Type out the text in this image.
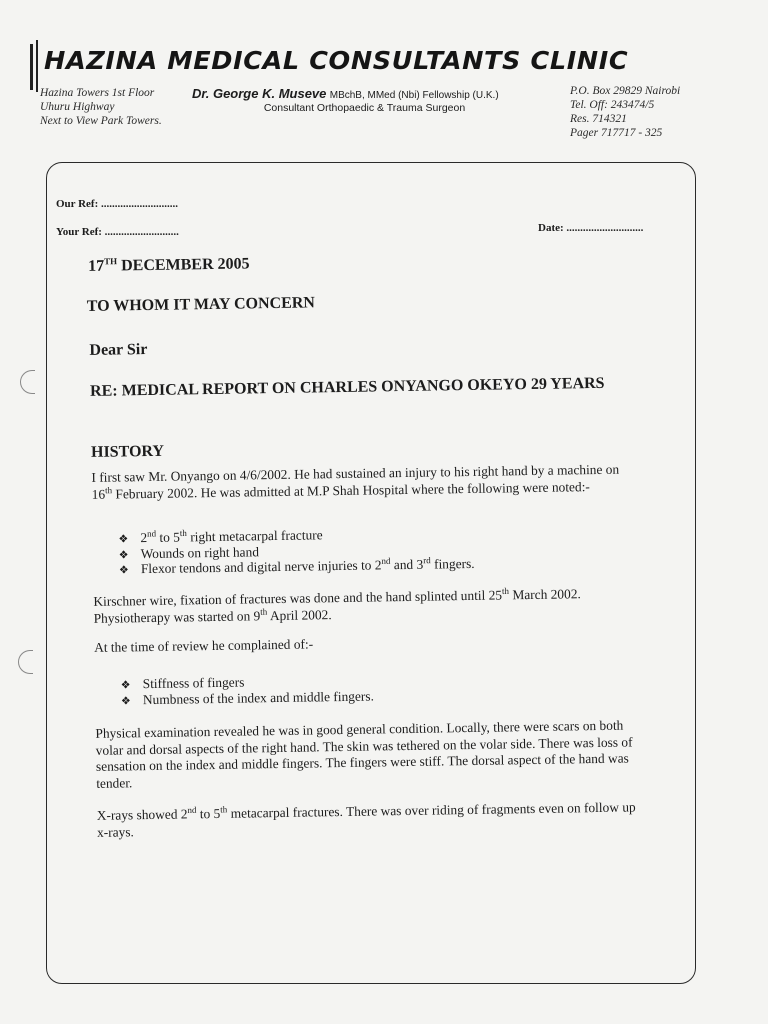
HAZINA MEDICAL CONSULTANTS CLINIC
Hazina Towers 1st Floor
Uhuru Highway
Next to View Park Towers.
Dr. George K. Museve MBchB, MMed (Nbi) Fellowship (U.K.)
Consultant Orthopaedic & Trauma Surgeon
P.O. Box 29829 Nairobi
Tel. Off: 243474/5
Res. 714321
Pager 717717 - 325
Our Ref: ............................
Your Ref: ...........................	Date: ............................
17TH DECEMBER 2005
TO WHOM IT MAY CONCERN
Dear Sir
RE: MEDICAL REPORT ON CHARLES ONYANGO OKEYO 29 YEARS
HISTORY

I first saw Mr. Onyango on 4/6/2002. He had sustained an injury to his right hand by a machine on 16th February 2002. He was admitted at M.P Shah Hospital where the following were noted:-

❖ 2nd to 5th right metacarpal fracture
❖ Wounds on right hand
❖ Flexor tendons and digital nerve injuries to 2nd and 3rd fingers.

Kirschner wire, fixation of fractures was done and the hand splinted until 25th March 2002. Physiotherapy was started on 9th April 2002.

At the time of review he complained of:-

❖ Stiffness of fingers
❖ Numbness of the index and middle fingers.

Physical examination revealed he was in good general condition. Locally, there were scars on both volar and dorsal aspects of the right hand. The skin was tethered on the volar side. There was loss of sensation on the index and middle fingers. The fingers were stiff. The dorsal aspect of the hand was tender.

X-rays showed 2nd to 5th metacarpal fractures. There was over riding of fragments even on follow up x-rays.
